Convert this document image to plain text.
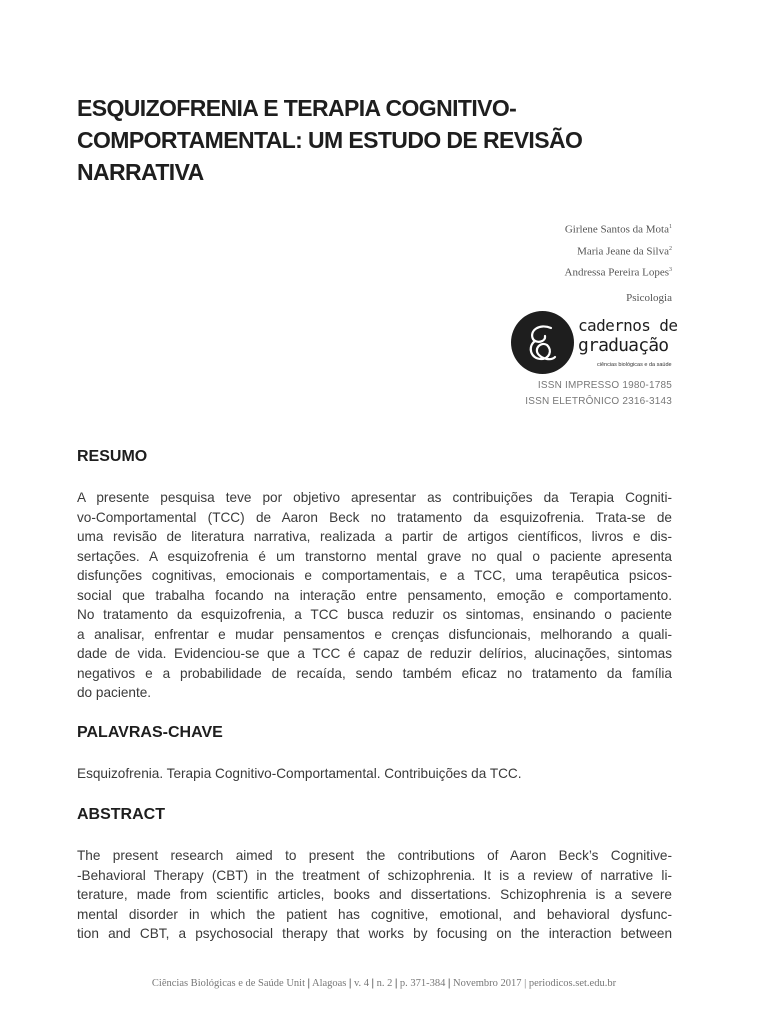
ESQUIZOFRENIA E TERAPIA COGNITIVO-
COMPORTAMENTAL: UM ESTUDO DE REVISÃO
NARRATIVA
Girlene Santos da Mota$^1$
Maria Jeane da Silva$^2$
Andressa Pereira Lopes$^3$
Psicologia
cadernos de
graduação
ciências biológicas e da saúde
ISSN IMPRESSO 1980-1785
ISSN ELETRÔNICO 2316-3143
RESUMO
A presente pesquisa teve por objetivo apresentar as contribuições da Terapia Cogniti-
vo-Comportamental (TCC) de Aaron Beck no tratamento da esquizofrenia. Trata-se de
uma revisão de literatura narrativa, realizada a partir de artigos científicos, livros e dis-
sertações. A esquizofrenia é um transtorno mental grave no qual o paciente apresenta
disfunções cognitivas, emocionais e comportamentais, e a TCC, uma terapêutica psicos-
social que trabalha focando na interação entre pensamento, emoção e comportamento.
No tratamento da esquizofrenia, a TCC busca reduzir os sintomas, ensinando o paciente
a analisar, enfrentar e mudar pensamentos e crenças disfuncionais, melhorando a quali-
dade de vida. Evidenciou-se que a TCC é capaz de reduzir delírios, alucinações, sintomas
negativos e a probabilidade de recaída, sendo também eficaz no tratamento da família
do paciente.
PALAVRAS-CHAVE
Esquizofrenia. Terapia Cognitivo-Comportamental. Contribuições da TCC.
ABSTRACT
The present research aimed to present the contributions of Aaron Beck’s Cognitive-
-Behavioral Therapy (CBT) in the treatment of schizophrenia. It is a review of narrative li-
terature, made from scientific articles, books and dissertations. Schizophrenia is a severe
mental disorder in which the patient has cognitive, emotional, and behavioral dysfunc-
tion and CBT, a psychosocial therapy that works by focusing on the interaction between
Ciências Biológicas e de Saúde Unit | Alagoas | v. 4 | n. 2 | p. 371-384 | Novembro 2017 | periodicos.set.edu.br
